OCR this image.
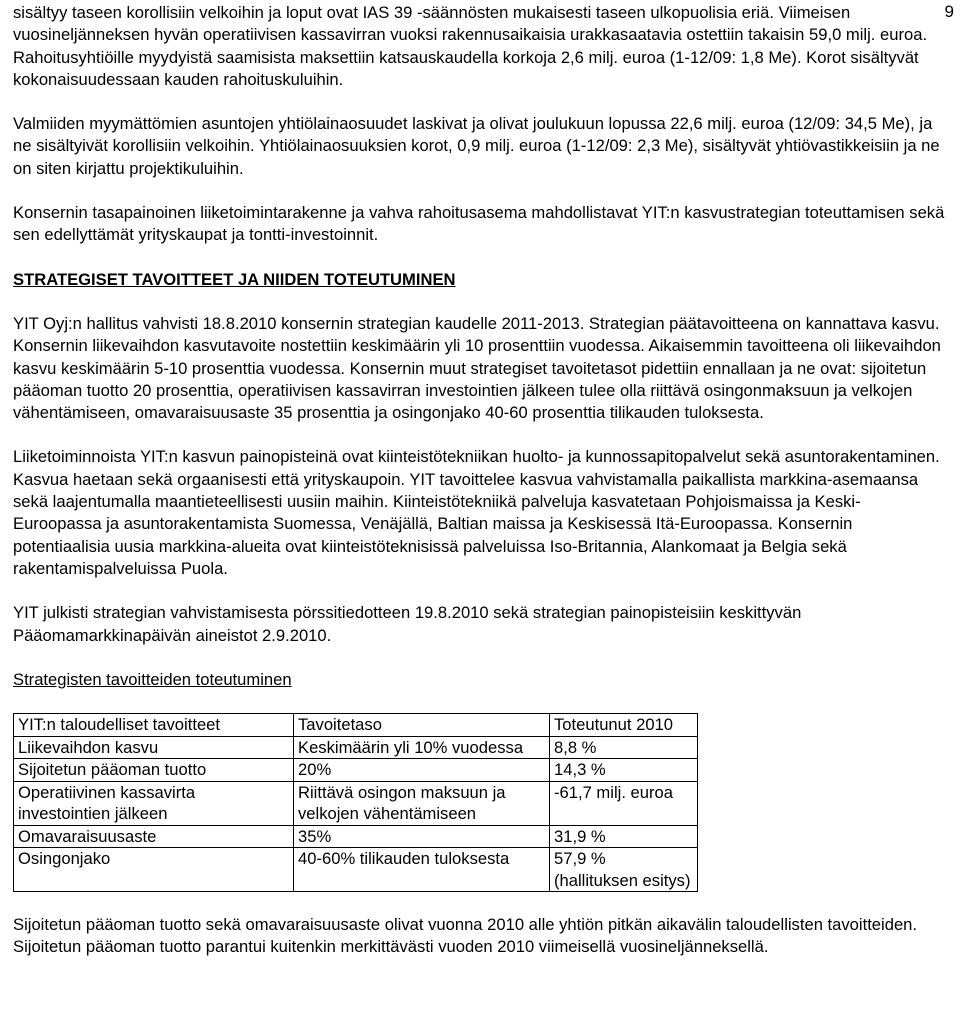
9

sisältyy taseen korollisiin velkoihin ja loput ovat IAS 39 -säännösten mukaisesti taseen ulkopuolisia eriä. Viimeisen vuosineljänneksen hyvän operatiivisen kassavirran vuoksi rakennusaikaisia urakkasaatavia ostettiin takaisin 59,0 milj. euroa. Rahoitusyhtiöille myydyistä saamisista maksettiin katsauskaudella korkoja 2,6 milj. euroa (1-12/09: 1,8 Me). Korot sisältyvät kokonaisuudessaan kauden rahoituskuluihin.

Valmiiden myymättömien asuntojen yhtiölainaosuudet laskivat ja olivat joulukuun lopussa 22,6 milj. euroa (12/09: 34,5 Me), ja ne sisältyivät korollisiin velkoihin. Yhtiölainaosuuksien korot, 0,9 milj. euroa (1-12/09: 2,3 Me), sisältyvät yhtiövastikkeisiin ja ne on siten kirjattu projektikuluihin.

Konsernin tasapainoinen liiketoimintarakenne ja vahva rahoitusasema mahdollistavat YIT:n kasvustrategian toteuttamisen sekä sen edellyttämät yrityskaupat ja tontti-investoinnit.

STRATEGISET TAVOITTEET JA NIIDEN TOTEUTUMINEN

YIT Oyj:n hallitus vahvisti 18.8.2010 konsernin strategian kaudelle 2011-2013. Strategian päätavoitteena on kannattava kasvu. Konsernin liikevaihdon kasvutavoite nostettiin keskimäärin yli 10 prosenttiin vuodessa. Aikaisemmin tavoitteena oli liikevaihdon kasvu keskimäärin 5-10 prosenttia vuodessa. Konsernin muut strategiset tavoitetasot pidettiin ennallaan ja ne ovat: sijoitetun pääoman tuotto 20 prosenttia, operatiivisen kassavirran investointien jälkeen tulee olla riittävä osingonmaksuun ja velkojen vähentämiseen, omavaraisuusaste 35 prosenttia ja osingonjako 40-60 prosenttia tilikauden tuloksesta.

Liiketoiminnoista YIT:n kasvun painopisteinä ovat kiinteistötekniikan huolto- ja kunnossapitopalvelut sekä asuntorakentaminen. Kasvua haetaan sekä orgaanisesti että yrityskaupoin. YIT tavoittelee kasvua vahvistamalla paikallista markkina-asemaansa sekä laajentumalla maantieteellisesti uusiin maihin. Kiinteistötekniikä palveluja kasvatetaan Pohjoismaissa ja Keski-Euroopassa ja asuntorakentamista Suomessa, Venäjällä, Baltian maissa ja Keskisessä Itä-Euroopassa. Konsernin potentiaalisia uusia markkina-alueita ovat kiinteistöteknisissä palveluissa Iso-Britannia, Alankomaat ja Belgia sekä rakentamispalveluissa Puola.

YIT julkisti strategian vahvistamisesta pörssitiedotteen 19.8.2010 sekä strategian painopisteisiin keskittyvän Pääomamarkkinapäivän aineistot 2.9.2010.

Strategisten tavoitteiden toteutuminen

YIT:n taloudelliset tavoitteet	Tavoitetaso	Toteutunut 2010
Liikevaihdon kasvu	Keskimäärin yli 10% vuodessa	8,8 %
Sijoitetun pääoman tuotto	20%	14,3 %
Operatiivinen kassavirta investointien jälkeen	Riittävä osingon maksuun ja velkojen vähentämiseen	-61,7 milj. euroa
Omavaraisuusaste	35%	31,9 %
Osingonjako	40-60% tilikauden tuloksesta	57,9 % (hallituksen esitys)

Sijoitetun pääoman tuotto sekä omavaraisuusaste olivat vuonna 2010 alle yhtiön pitkän aikavälin taloudellisten tavoitteiden. Sijoitetun pääoman tuotto parantui kuitenkin merkittävästi vuoden 2010 viimeisellä vuosineljänneksellä.
